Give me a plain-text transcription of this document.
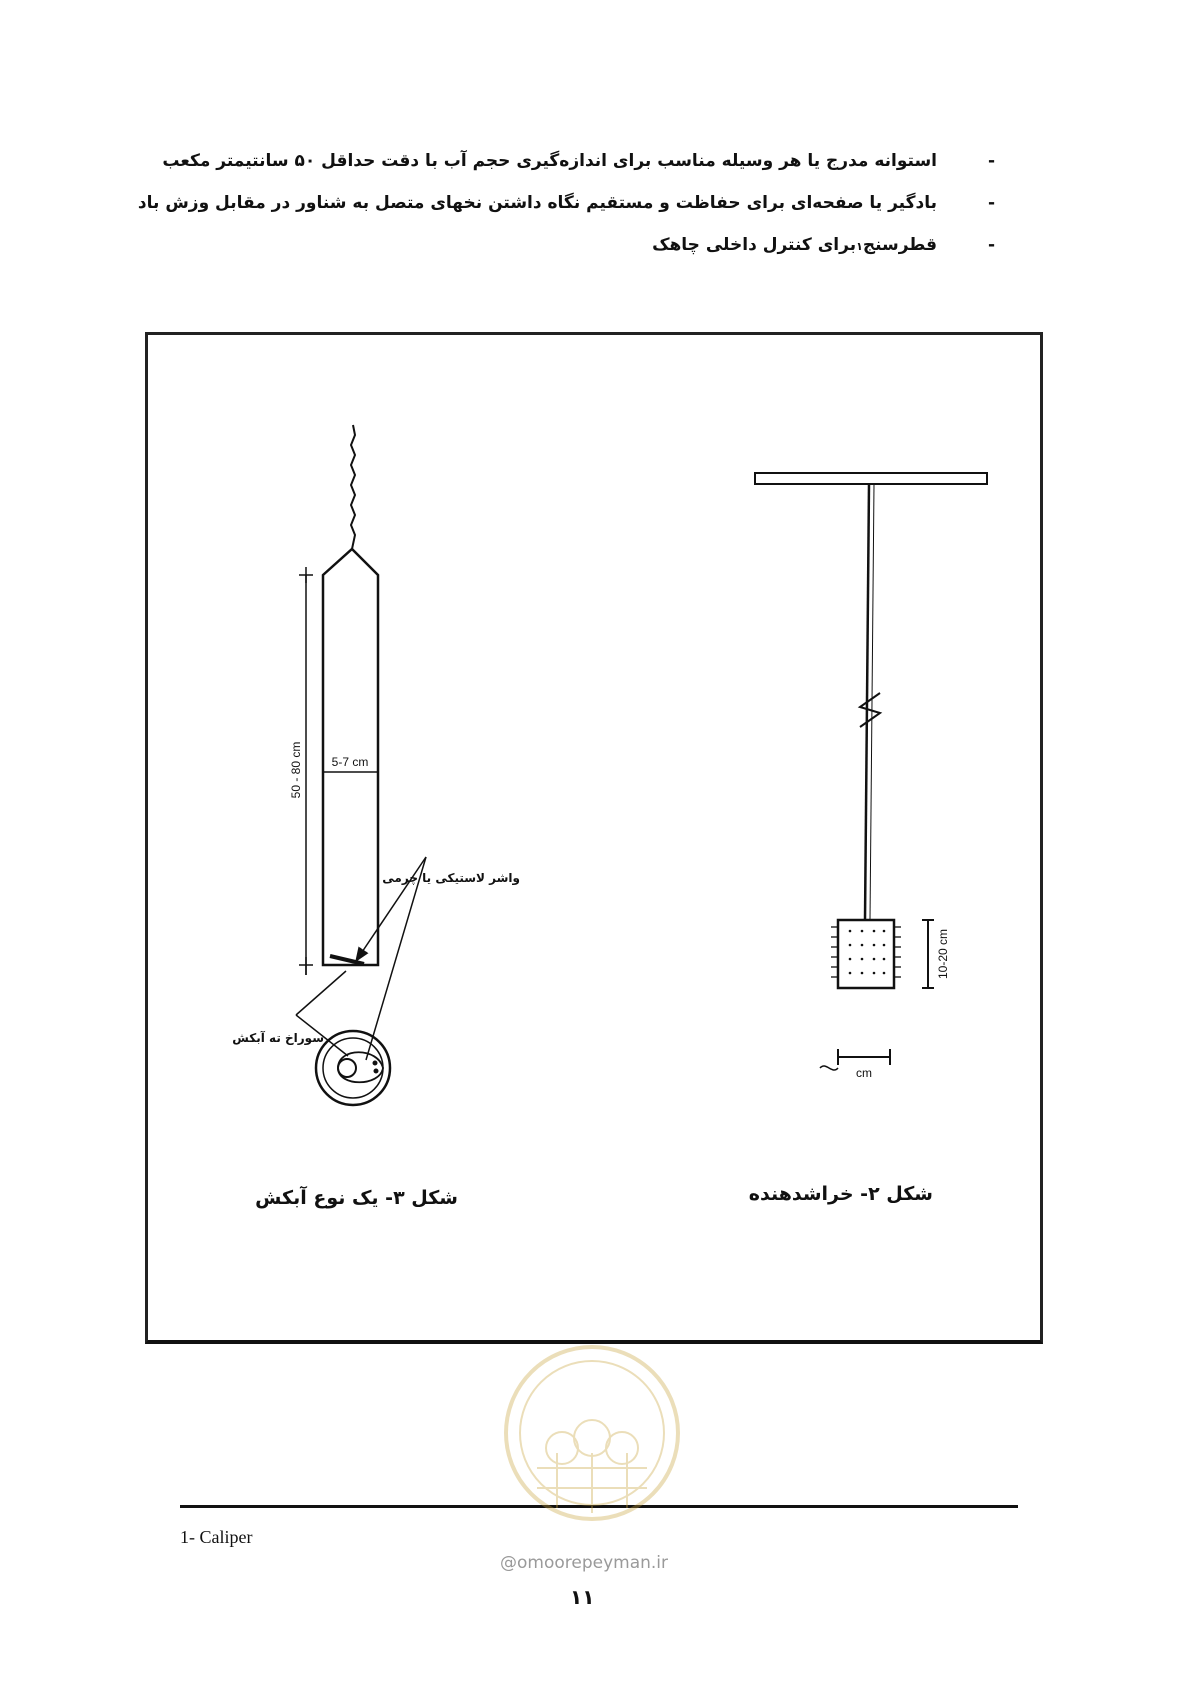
-
استوانه مدرج یا هر وسیله مناسب برای اندازه‌گیری حجم آب با دقت حداقل ۵۰ سانتیمتر مکعب
-
بادگیر یا صفحه‌ای برای حفاظت و مستقیم نگاه داشتن نخهای متصل به شناور در مقابل وزش باد
-
قطرسنج
۱
برای کنترل داخلی چاهک
50 - 80 cm 5-7 cm
10-20 cm
cm
واشر لاستیکی یا چرمی
سوراخ ته آبکش
شکل ۳- یک نوع آبکش	شکل ۲- خراشدهنده
1- Caliper
@omoorepeyman.ir
۱۱
